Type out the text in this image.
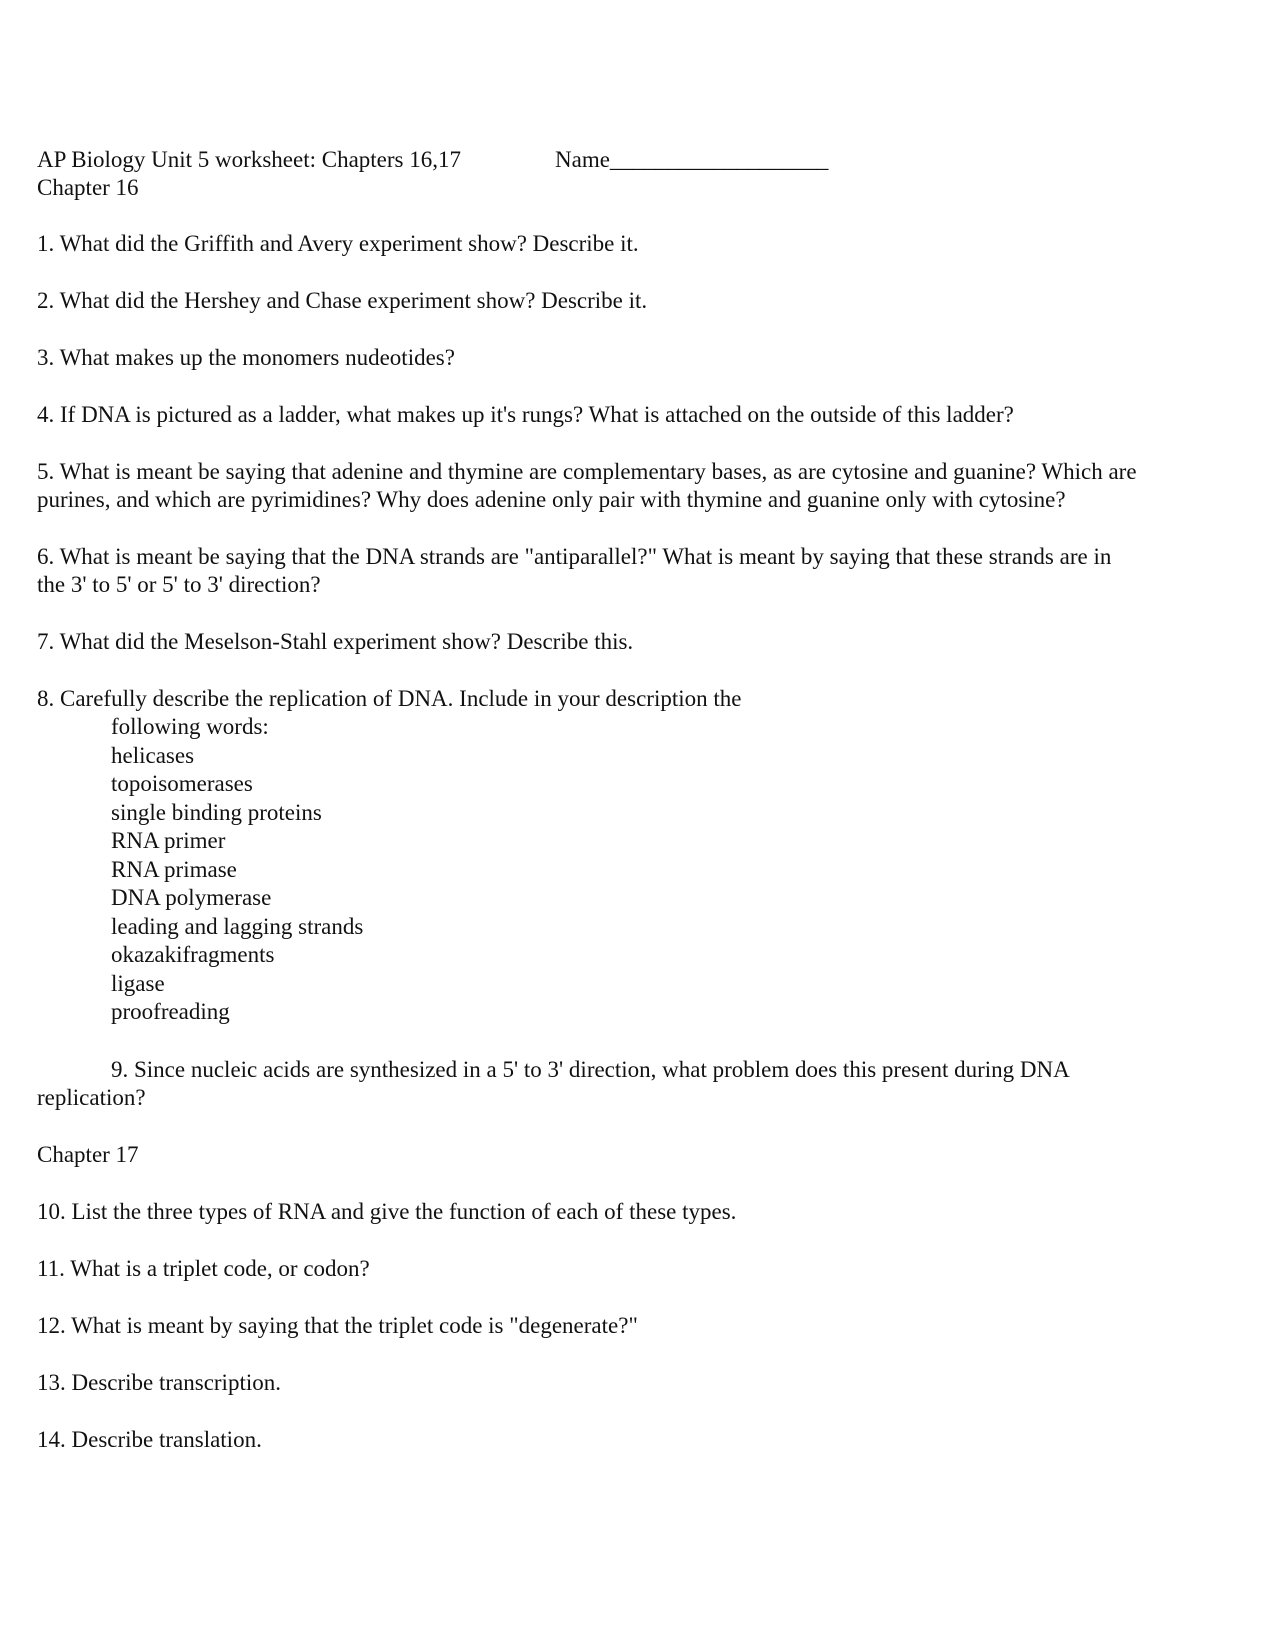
AP Biology Unit 5 worksheet: Chapters 16,17	Name___________________
Chapter 16
1. What did the Griffith and Avery experiment show? Describe it.
2. What did the Hershey and Chase experiment show? Describe it.
3. What makes up the monomers nudeotides?
4. If DNA is pictured as a ladder, what makes up it's rungs? What is attached on the outside of this ladder?
5. What is meant be saying that adenine and thymine are complementary bases, as are cytosine and guanine? Which are
purines, and which are pyrimidines? Why does adenine only pair with thymine and guanine only with cytosine?
6. What is meant be saying that the DNA strands are "antiparallel?" What is meant by saying that these strands are in
the 3' to 5' or 5' to 3' direction?
7. What did the Meselson-Stahl experiment show? Describe this.
8. Carefully describe the replication of DNA. Include in your description the
following words:
helicases
topoisomerases
single binding proteins
RNA primer
RNA primase
DNA polymerase
leading and lagging strands
okazakifragments
ligase
proofreading
9. Since nucleic acids are synthesized in a 5' to 3' direction, what problem does this present during DNA
replication?
Chapter 17
10. List the three types of RNA and give the function of each of these types.
11. What is a triplet code, or codon?
12. What is meant by saying that the triplet code is "degenerate?"
13. Describe transcription.
14. Describe translation.
